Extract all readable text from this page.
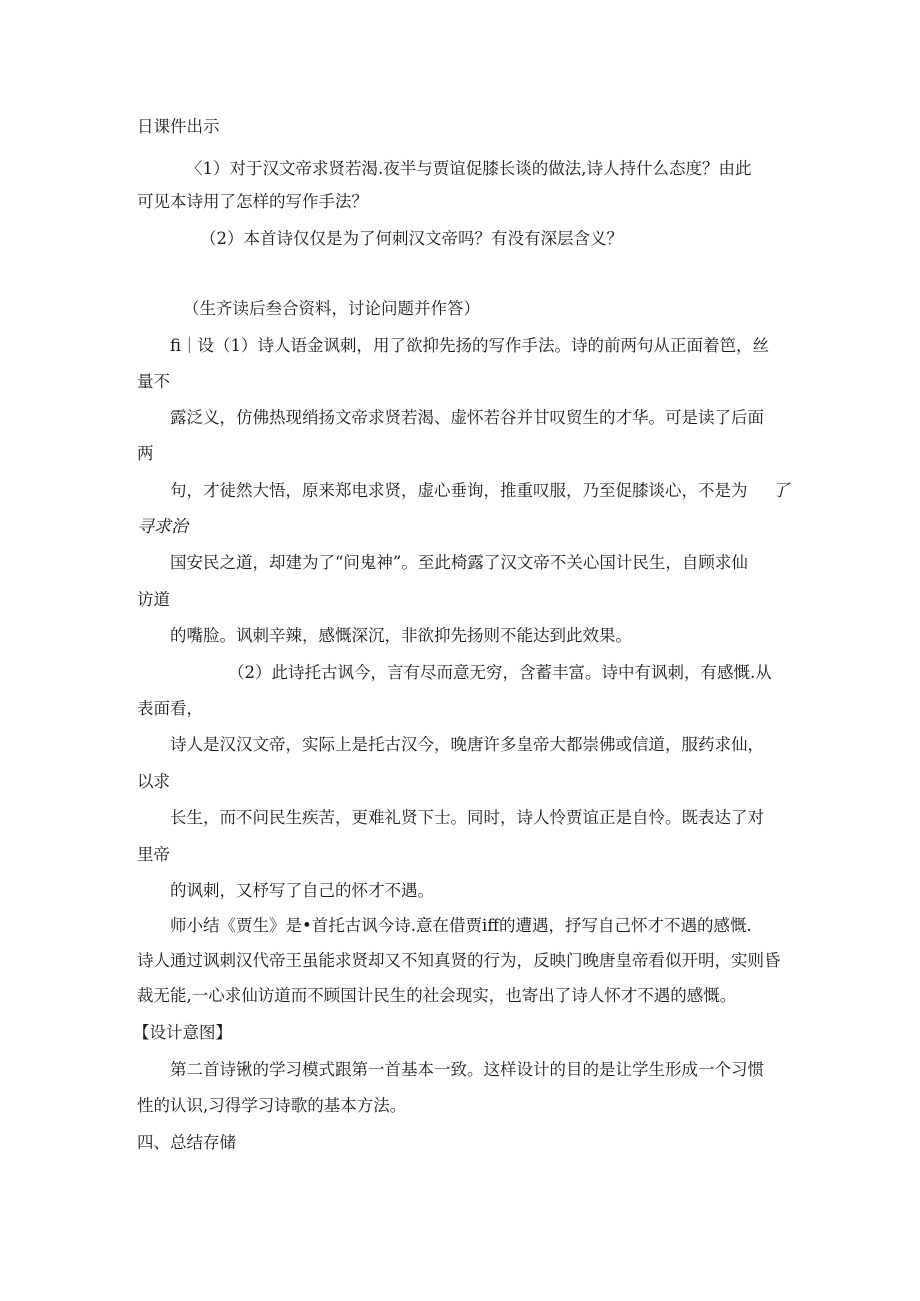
日课件出示
〈1）对于汉文帝求贤若渴.夜半与贾谊促膝长谈的做法,诗人持什么态度？由此
可见本诗用了怎样的写作手法？
（2）本首诗仅仅是为了何刺汉文帝吗？有没有深层含义？
（生齐读后叁合资料，讨论问题并作答）
fi｜设（1）诗人语金讽刺，用了欲抑先扬的写作手法。诗的前两句从正面着笆，丝
量不
露泛义，仿佛热现绡扬文帝求贤若渴、虚怀若谷并甘叹贸生的才华。可是读了后面
两
句，才徒然大悟，原来郑电求贤，虚心垂询，推重叹服，乃至促膝谈心，不是为 了
寻求治
国安民之道，却建为了“问鬼神”。至此椅露了汉文帝不关心国计民生，自顾求仙
访道
的嘴脸。讽刺辛辣，感慨深沉，非欲抑先扬则不能达到此效果。
（2）此诗托古讽今，言有尽而意无穷，含蓄丰富。诗中有讽刺，有感慨.从
表面看，
诗人是汉汉文帝，实际上是托古汉今，晚唐许多皇帝大都崇佛或信道，服药求仙，
以求
长生，而不问民生疾苦，更难礼贤下士。同时，诗人怜贾谊正是自怜。既表达了对
里帝
的讽刺，又杼写了自己的怀才不遇。
师小结《贾生》是•首托古讽今诗.意在借贾iff的遭遇，抒写自己怀才不遇的感慨.
诗人通过讽刺汉代帝王虽能求贤却又不知真贤的行为，反映门晚唐皇帝看似开明，实则昏
裁无能,一心求仙访道而不顾国计民生的社会现实，也寄出了诗人怀才不遇的感慨。
【设计意图】
第二首诗锹的学习模式跟第一首基本一致。这样设计的目的是让学生形成一个习惯
性的认识,习得学习诗歌的基本方法。
四、总结存储
